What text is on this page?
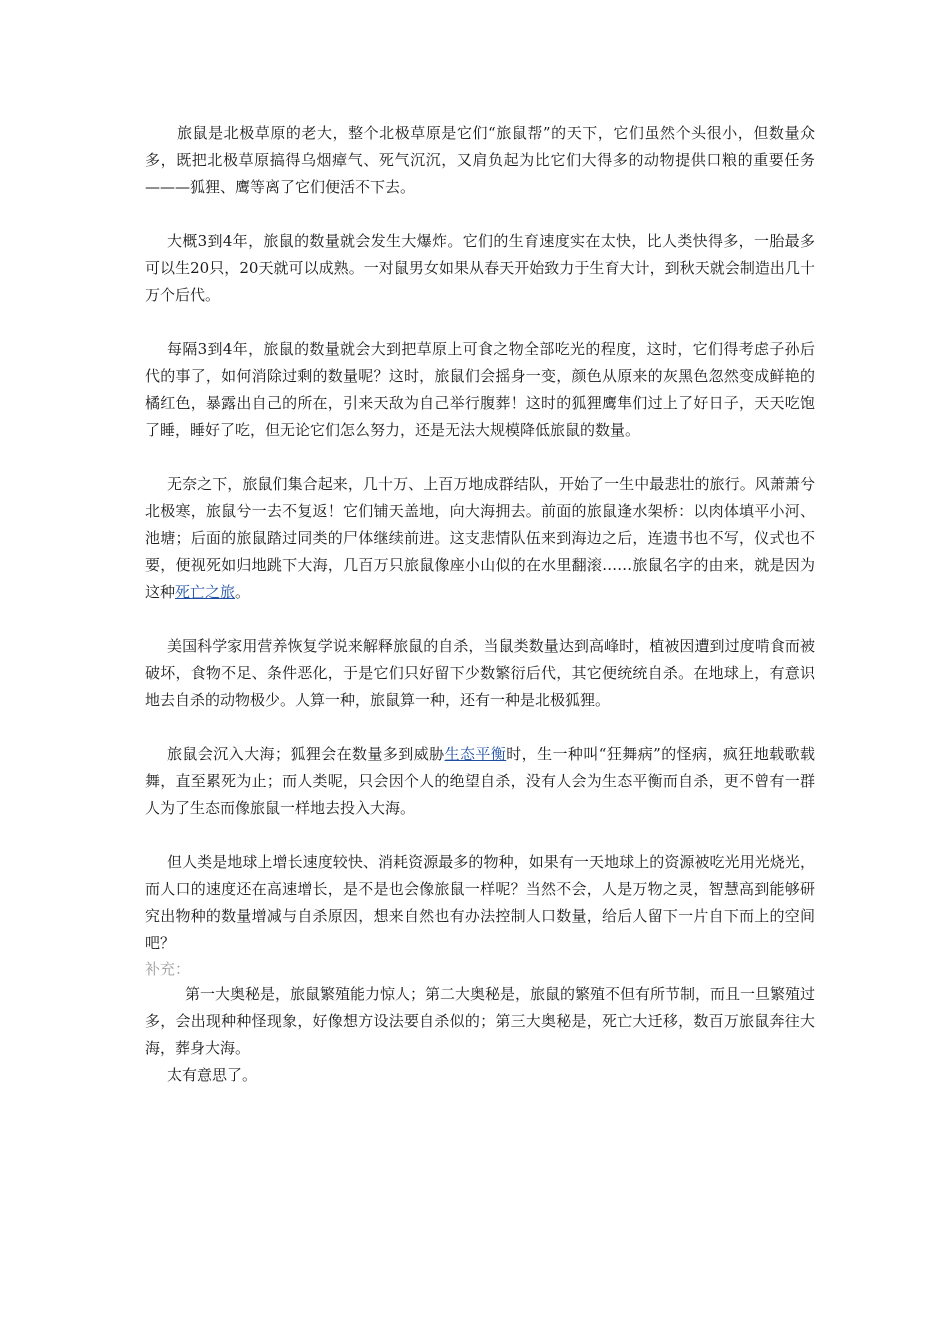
旅鼠是北极草原的老大，整个北极草原是它们“旅鼠帮”的天下，它们虽然个头很小，但数量众多，既把北极草原搞得乌烟瘴气、死气沉沉，又肩负起为比它们大得多的动物提供口粮的重要任务———狐狸、鹰等离了它们便活不下去。

大概3到4年，旅鼠的数量就会发生大爆炸。它们的生育速度实在太快，比人类快得多，一胎最多可以生20只，20天就可以成熟。一对鼠男女如果从春天开始致力于生育大计，到秋天就会制造出几十万个后代。

每隔3到4年，旅鼠的数量就会大到把草原上可食之物全部吃光的程度，这时，它们得考虑子孙后代的事了，如何消除过剩的数量呢？这时，旅鼠们会摇身一变，颜色从原来的灰黑色忽然变成鲜艳的橘红色，暴露出自己的所在，引来天敌为自己举行腹葬！这时的狐狸鹰隼们过上了好日子，天天吃饱了睡，睡好了吃，但无论它们怎么努力，还是无法大规模降低旅鼠的数量。

无奈之下，旅鼠们集合起来，几十万、上百万地成群结队，开始了一生中最悲壮的旅行。风萧萧兮北极寒，旅鼠兮一去不复返！它们铺天盖地，向大海拥去。前面的旅鼠逢水架桥：以肉体填平小河、池塘；后面的旅鼠踏过同类的尸体继续前进。这支悲情队伍来到海边之后，连遗书也不写，仪式也不要，便视死如归地跳下大海，几百万只旅鼠像座小山似的在水里翻滚……旅鼠名字的由来，就是因为这种死亡之旅。

美国科学家用营养恢复学说来解释旅鼠的自杀，当鼠类数量达到高峰时，植被因遭到过度啃食而被破坏，食物不足、条件恶化，于是它们只好留下少数繁衍后代，其它便统统自杀。在地球上，有意识地去自杀的动物极少。人算一种，旅鼠算一种，还有一种是北极狐狸。

旅鼠会沉入大海；狐狸会在数量多到威胁生态平衡时，生一种叫“狂舞病”的怪病，疯狂地载歌载舞，直至累死为止；而人类呢，只会因个人的绝望自杀，没有人会为生态平衡而自杀，更不曾有一群人为了生态而像旅鼠一样地去投入大海。

但人类是地球上增长速度较快、消耗资源最多的物种，如果有一天地球上的资源被吃光用光烧光，而人口的速度还在高速增长，是不是也会像旅鼠一样呢？当然不会，人是万物之灵，智慧高到能够研究出物种的数量增减与自杀原因，想来自然也有办法控制人口数量，给后人留下一片自下而上的空间吧？

补充：

第一大奥秘是，旅鼠繁殖能力惊人；第二大奥秘是，旅鼠的繁殖不但有所节制，而且一旦繁殖过多，会出现种种怪现象，好像想方设法要自杀似的；第三大奥秘是，死亡大迁移，数百万旅鼠奔往大海，葬身大海。

太有意思了。
